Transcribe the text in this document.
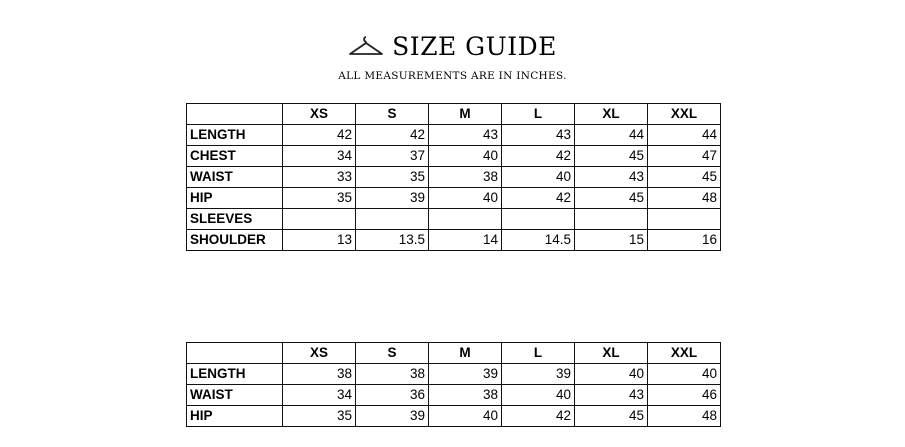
SIZE GUIDE
ALL MEASUREMENTS ARE IN INCHES.
	XS	S	M	L	XL	XXL
LENGTH	42	42	43	43	44	44
CHEST	34	37	40	42	45	47
WAIST	33	35	38	40	43	45
HIP	35	39	40	42	45	48
SLEEVES						
SHOULDER	13	13.5	14	14.5	15	16
	XS	S	M	L	XL	XXL
LENGTH	38	38	39	39	40	40
WAIST	34	36	38	40	43	46
HIP	35	39	40	42	45	48
